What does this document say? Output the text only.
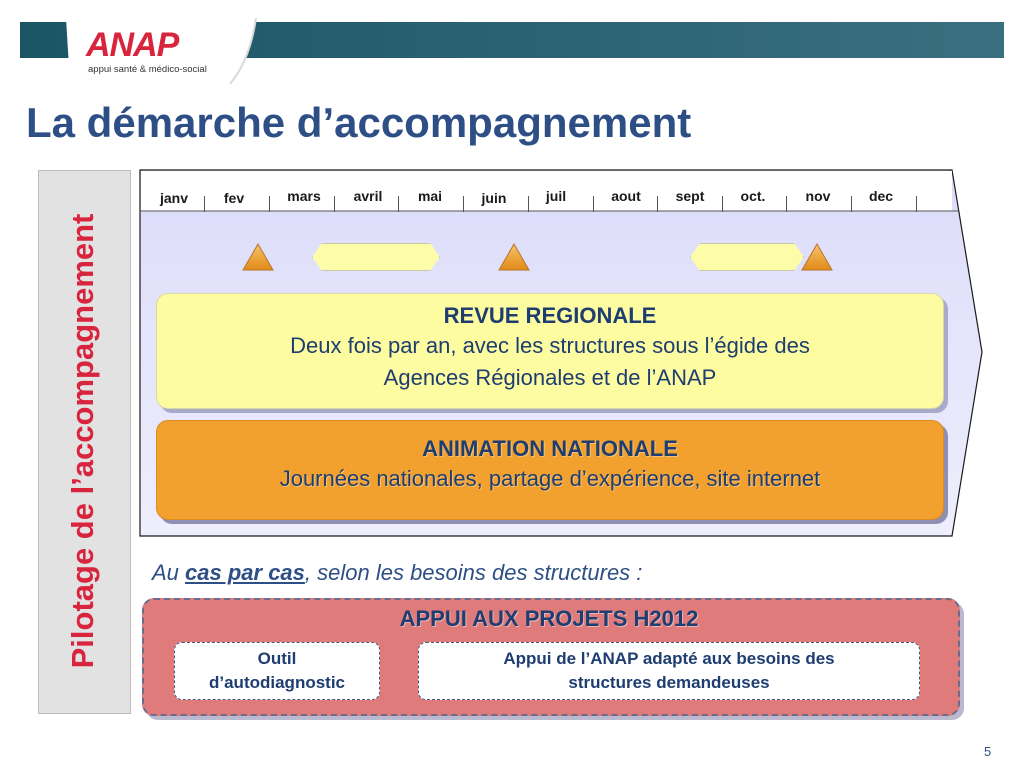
ANAP
appui santé & médico-social
La démarche d’accompagnement
Pilotage de l’accompagnement
janv	fev	mars	avril	mai	juin	juil	aout	sept	oct.	nov	dec
REVUE REGIONALE
Deux fois par an, avec les structures sous l’égide des
Agences Régionales et de l’ANAP
ANIMATION NATIONALE
Journées nationales, partage d’expérience, site internet
Au cas par cas, selon les besoins des structures :
APPUI AUX PROJETS H2012
Outil
d’autodiagnostic
Appui de l’ANAP adapté aux besoins des
structures demandeuses
5
